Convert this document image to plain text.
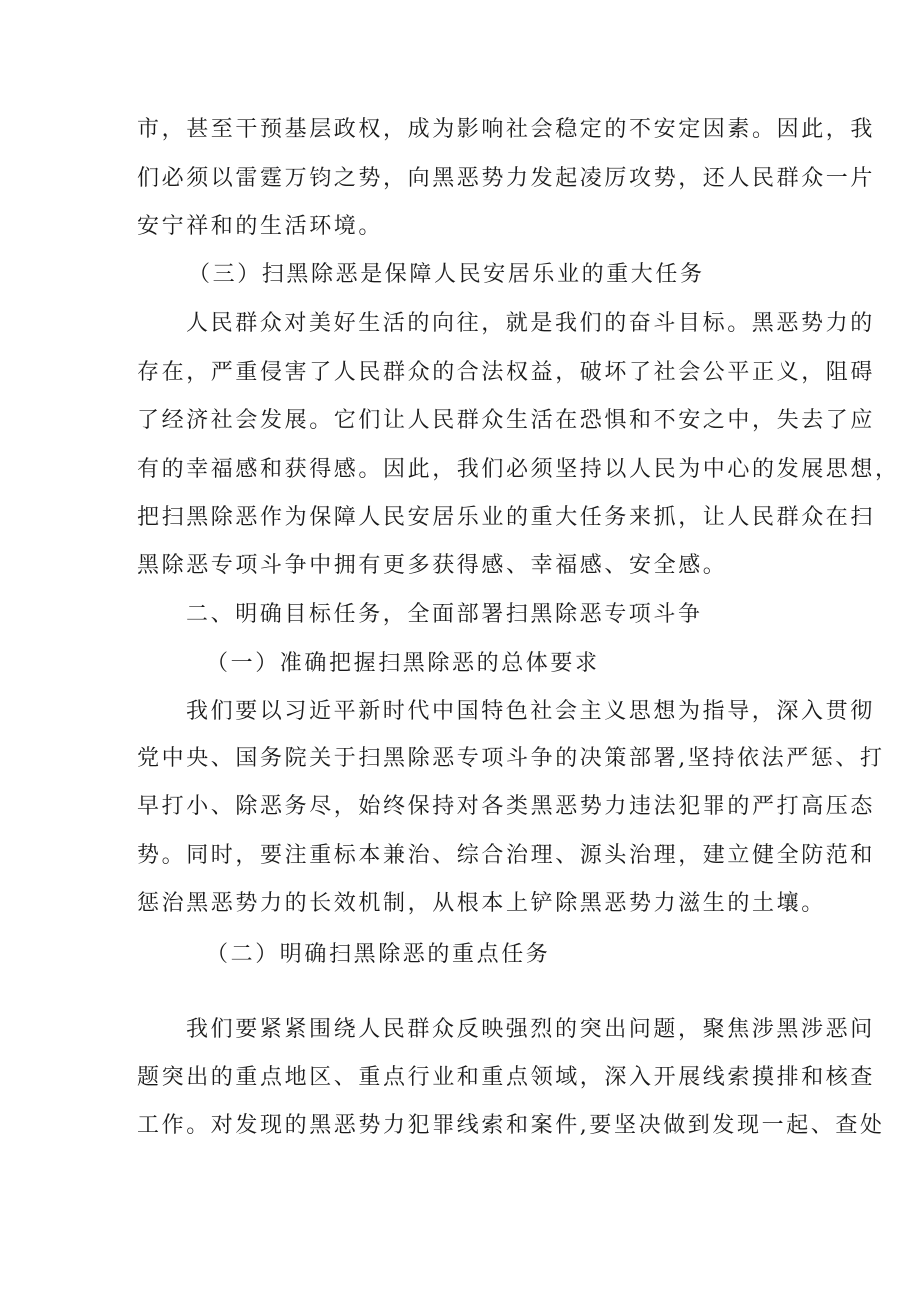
市，甚至干预基层政权，成为影响社会稳定的不安定因素。因此，我
们必须以雷霆万钧之势，向黑恶势力发起凌厉攻势，还人民群众一片
安宁祥和的生活环境。
（三）扫黑除恶是保障人民安居乐业的重大任务
人民群众对美好生活的向往，就是我们的奋斗目标。黑恶势力的
存在，严重侵害了人民群众的合法权益，破坏了社会公平正义，阻碍
了经济社会发展。它们让人民群众生活在恐惧和不安之中，失去了应
有的幸福感和获得感。因此，我们必须坚持以人民为中心的发展思想，
把扫黑除恶作为保障人民安居乐业的重大任务来抓，让人民群众在扫
黑除恶专项斗争中拥有更多获得感、幸福感、安全感。
二、明确目标任务，全面部署扫黑除恶专项斗争
（一）准确把握扫黑除恶的总体要求
我们要以习近平新时代中国特色社会主义思想为指导，深入贯彻
党中央、国务院关于扫黑除恶专项斗争的决策部署,坚持依法严惩、打
早打小、除恶务尽，始终保持对各类黑恶势力违法犯罪的严打高压态
势。同时，要注重标本兼治、综合治理、源头治理，建立健全防范和
惩治黑恶势力的长效机制，从根本上铲除黑恶势力滋生的土壤。
（二）明确扫黑除恶的重点任务
我们要紧紧围绕人民群众反映强烈的突出问题，聚焦涉黑涉恶问
题突出的重点地区、重点行业和重点领域，深入开展线索摸排和核查
工作。对发现的黑恶势力犯罪线索和案件,要坚决做到发现一起、查处
